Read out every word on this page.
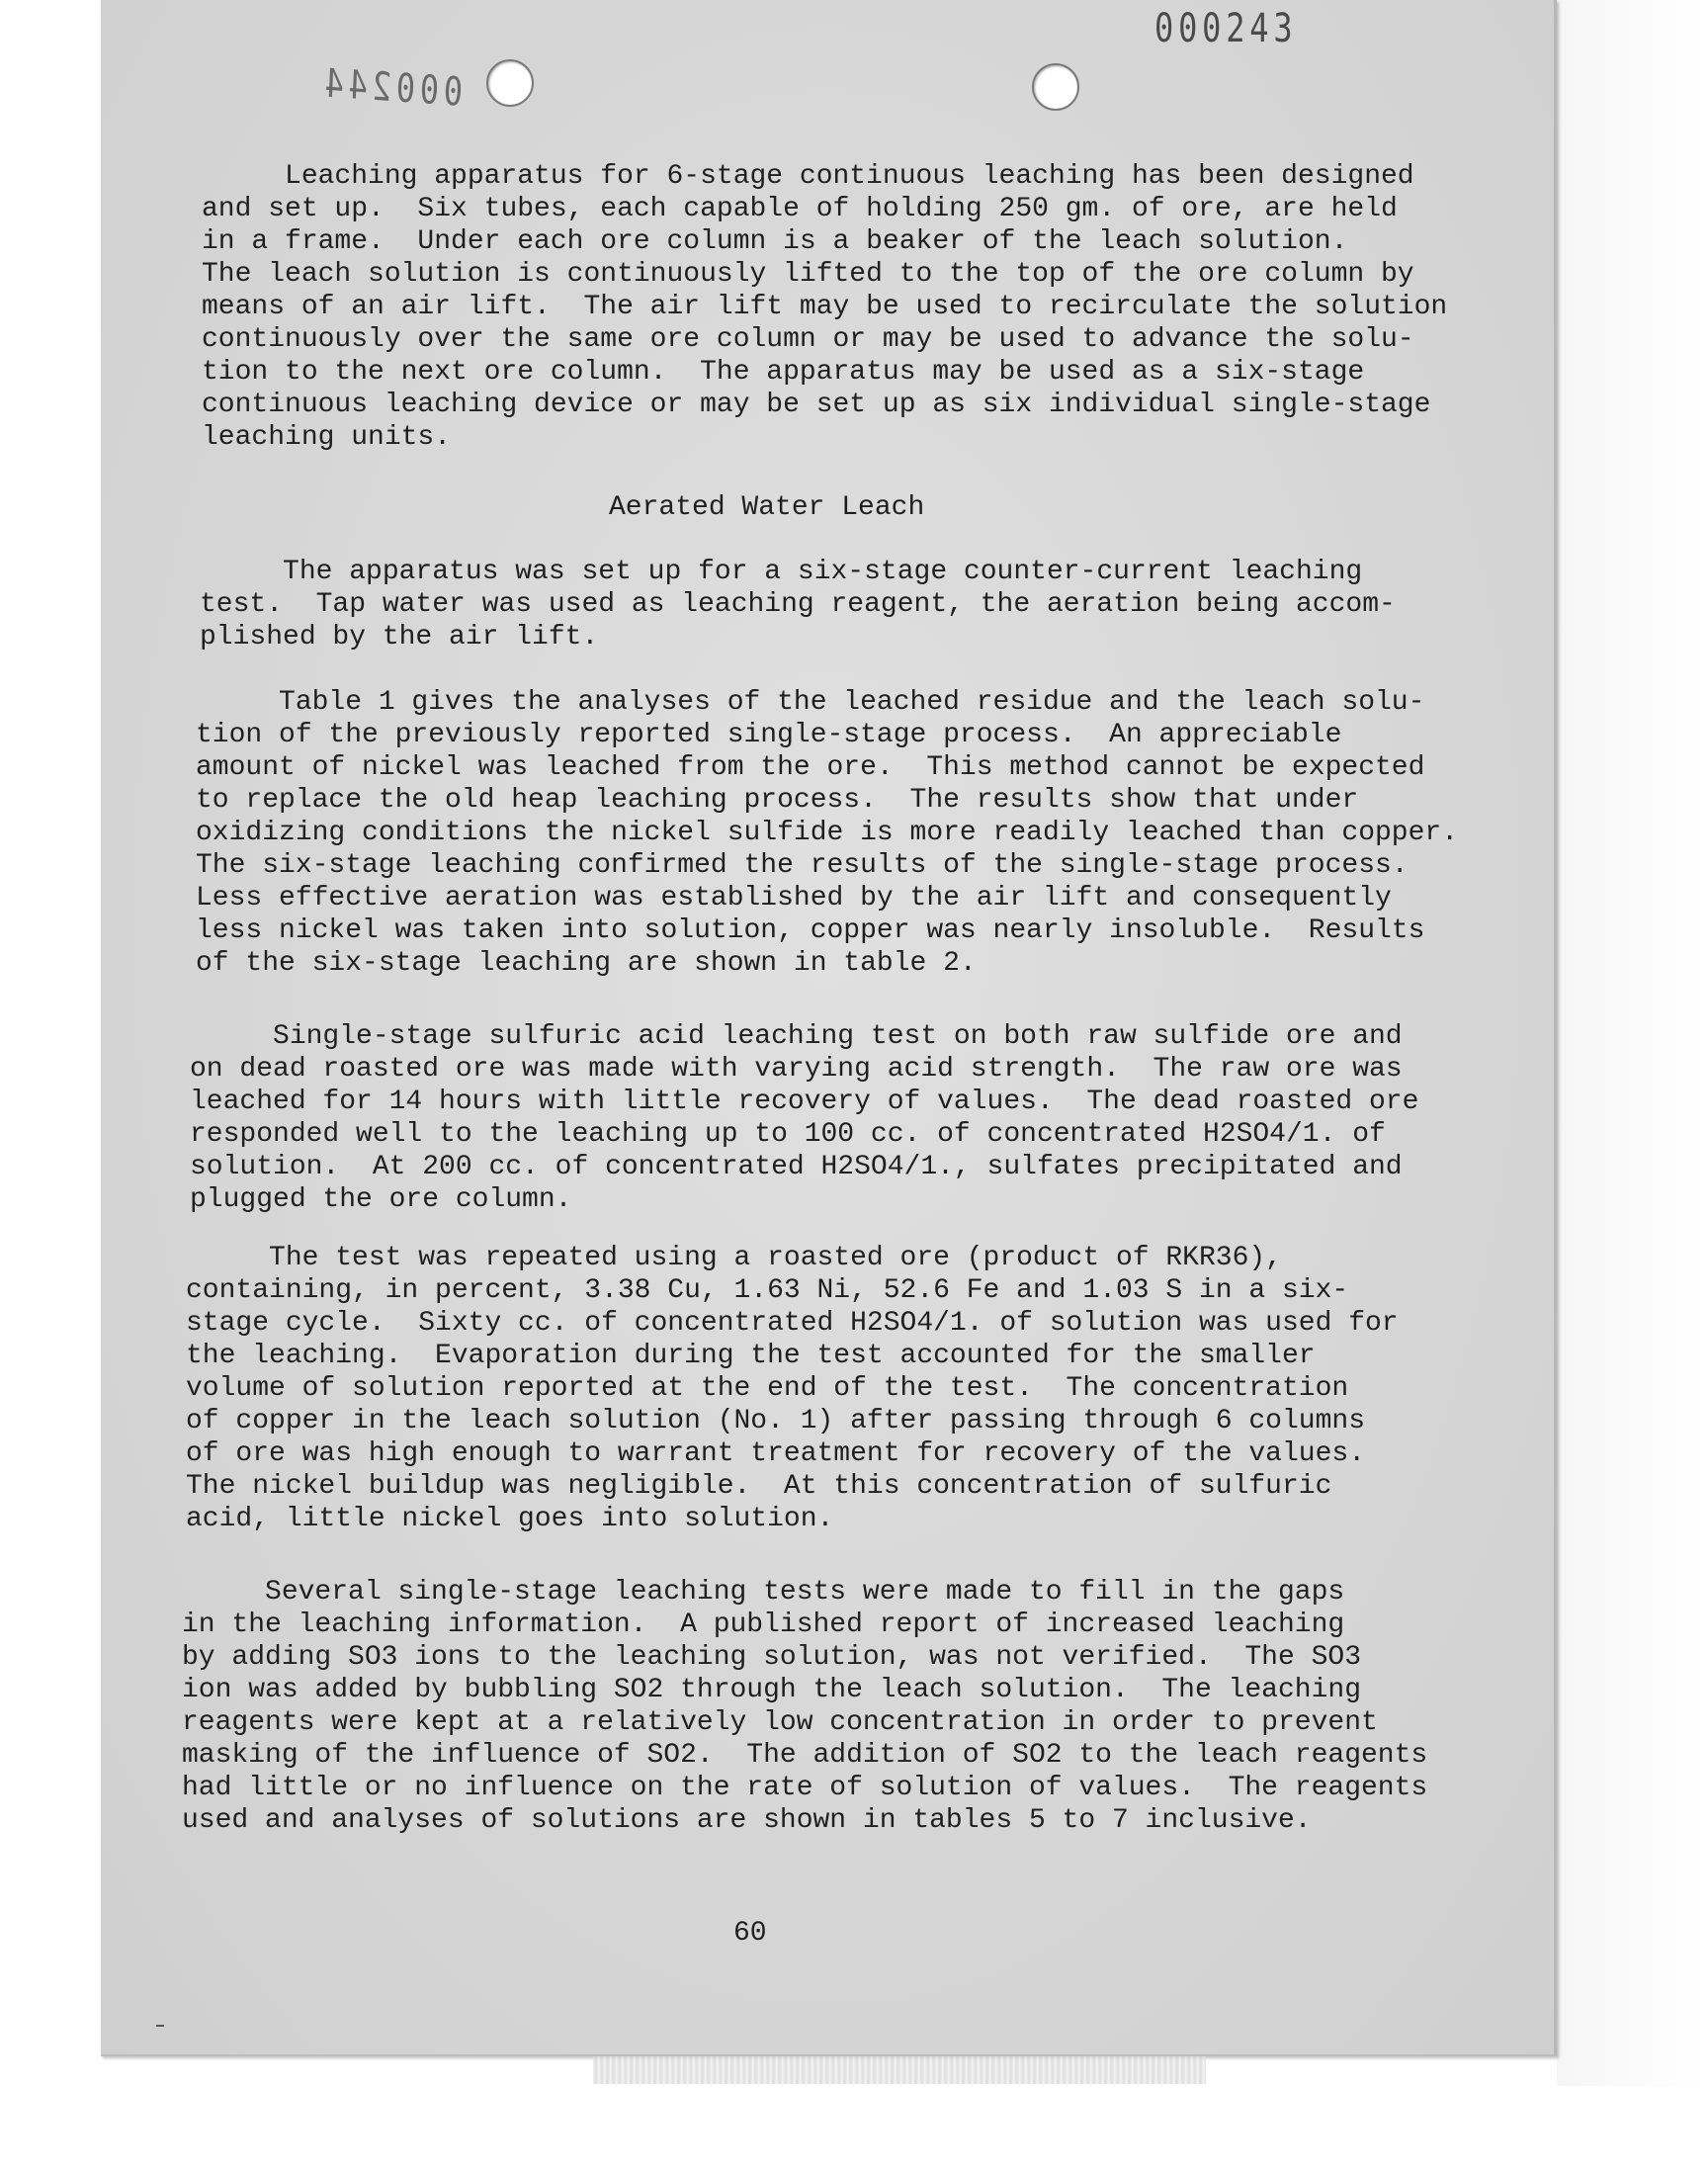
000243
000244
Leaching apparatus for 6-stage continuous leaching has been designed
and set up.  Six tubes, each capable of holding 250 gm. of ore, are held
in a frame.  Under each ore column is a beaker of the leach solution.
The leach solution is continuously lifted to the top of the ore column by
means of an air lift.  The air lift may be used to recirculate the solution
continuously over the same ore column or may be used to advance the solu-
tion to the next ore column.  The apparatus may be used as a six-stage
continuous leaching device or may be set up as six individual single-stage
leaching units.
Aerated Water Leach
The apparatus was set up for a six-stage counter-current leaching
test.  Tap water was used as leaching reagent, the aeration being accom-
plished by the air lift.
Table 1 gives the analyses of the leached residue and the leach solu-
tion of the previously reported single-stage process.  An appreciable
amount of nickel was leached from the ore.  This method cannot be expected
to replace the old heap leaching process.  The results show that under
oxidizing conditions the nickel sulfide is more readily leached than copper.
The six-stage leaching confirmed the results of the single-stage process.
Less effective aeration was established by the air lift and consequently
less nickel was taken into solution, copper was nearly insoluble.  Results
of the six-stage leaching are shown in table 2.
Single-stage sulfuric acid leaching test on both raw sulfide ore and
on dead roasted ore was made with varying acid strength.  The raw ore was
leached for 14 hours with little recovery of values.  The dead roasted ore
responded well to the leaching up to 100 cc. of concentrated H2SO4/1. of
solution.  At 200 cc. of concentrated H2SO4/1., sulfates precipitated and
plugged the ore column.
The test was repeated using a roasted ore (product of RKR36),
containing, in percent, 3.38 Cu, 1.63 Ni, 52.6 Fe and 1.03 S in a six-
stage cycle.  Sixty cc. of concentrated H2SO4/1. of solution was used for
the leaching.  Evaporation during the test accounted for the smaller
volume of solution reported at the end of the test.  The concentration
of copper in the leach solution (No. 1) after passing through 6 columns
of ore was high enough to warrant treatment for recovery of the values.
The nickel buildup was negligible.  At this concentration of sulfuric
acid, little nickel goes into solution.
Several single-stage leaching tests were made to fill in the gaps
in the leaching information.  A published report of increased leaching
by adding SO3 ions to the leaching solution, was not verified.  The SO3
ion was added by bubbling SO2 through the leach solution.  The leaching
reagents were kept at a relatively low concentration in order to prevent
masking of the influence of SO2.  The addition of SO2 to the leach reagents
had little or no influence on the rate of solution of values.  The reagents
used and analyses of solutions are shown in tables 5 to 7 inclusive.
60
